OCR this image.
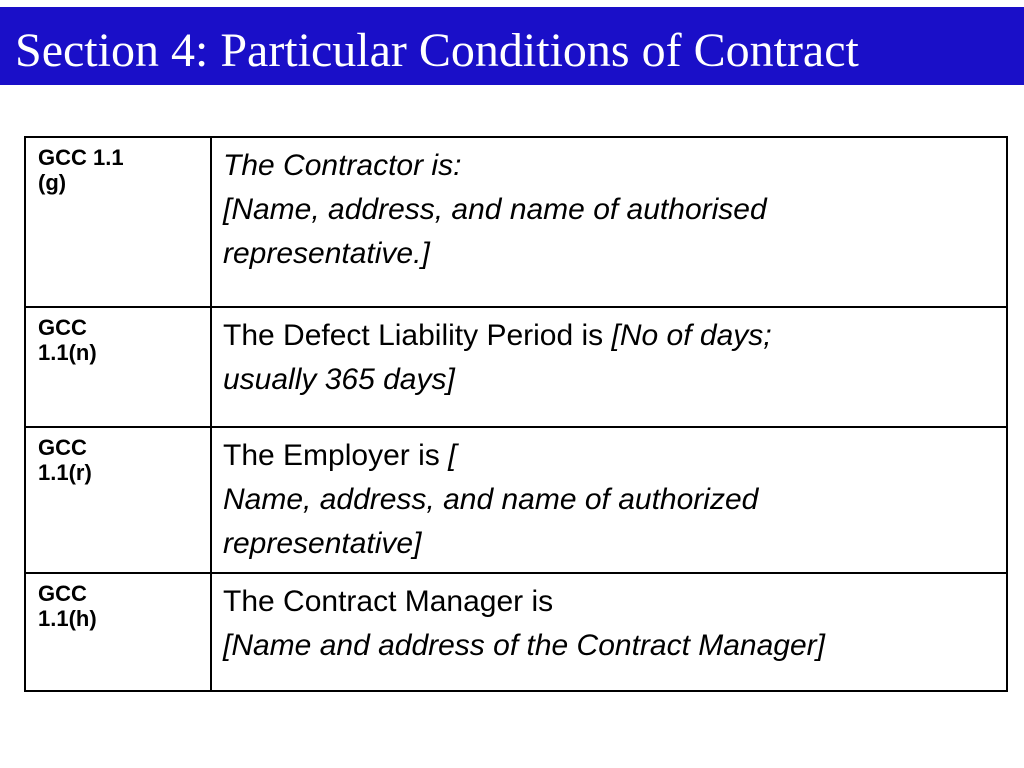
Section 4: Particular Conditions of Contract
GCC 1.1
(g)	The Contractor is:
[Name, address, and name of authorised
representative.]

GCC
1.1(n)	The Defect Liability Period is [No of days;
usually 365 days]

GCC
1.1(r)	The Employer is [
Name, address, and name of authorized
representative]

GCC
1.1(h)	The Contract Manager is
[Name and address of the Contract Manager]
